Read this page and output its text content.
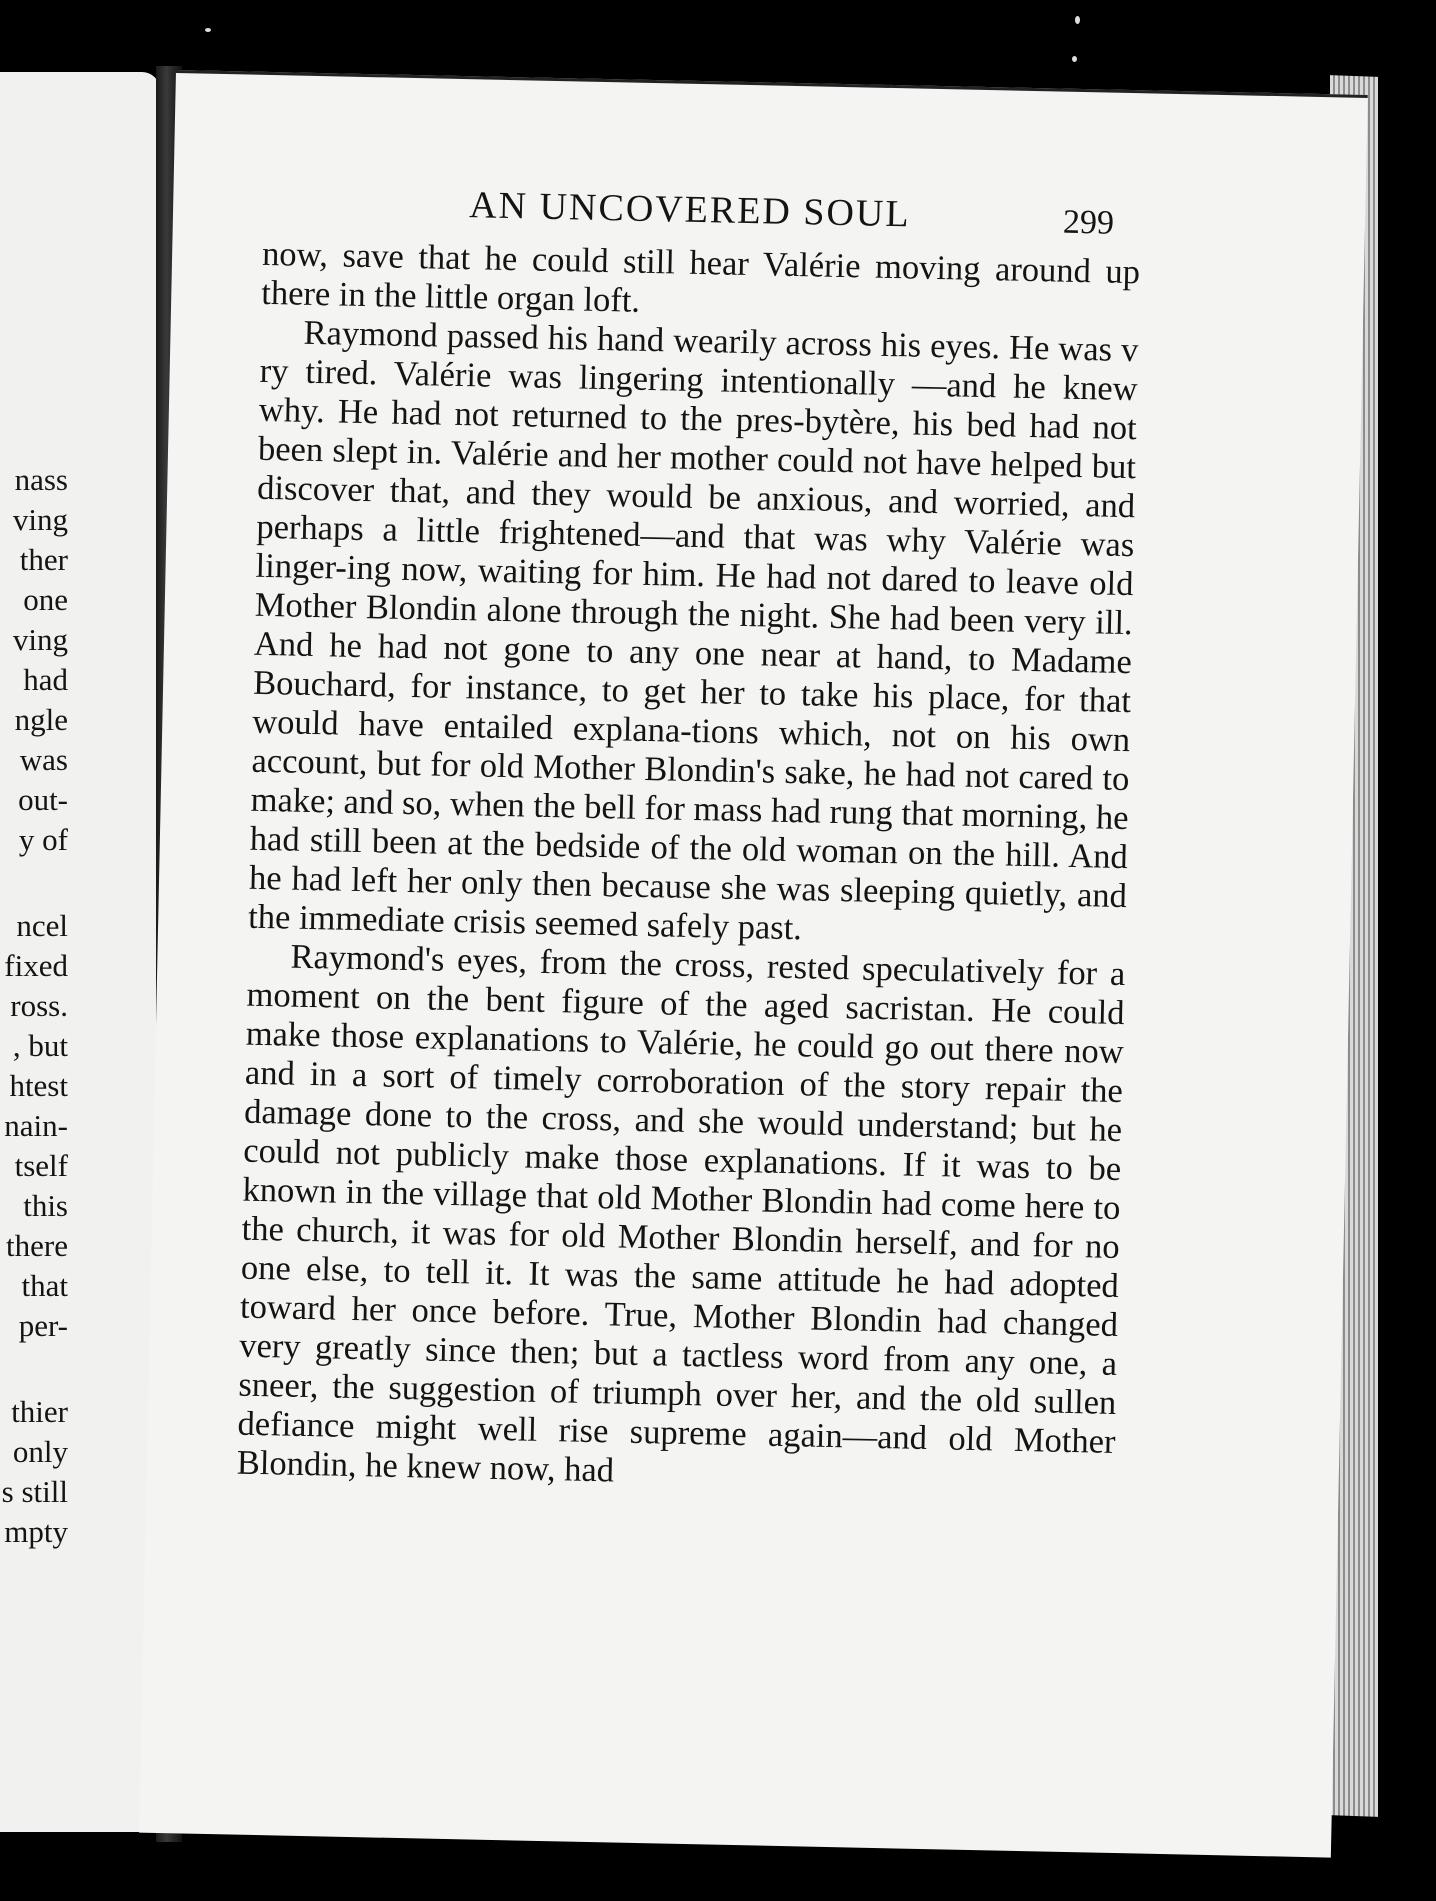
nass
ving
ther
one
ving
had
ngle
was
out-
y of
ncel
fixed
ross.
, but
htest
nain-
tself
this
there
that
per-
thier
only
s still
mpty
AN UNCOVERED SOUL	299

now, save that he could still hear Valérie moving around up there in the little organ loft.

Raymond passed his hand wearily across his eyes. He was v ry tired. Valérie was lingering intentionally —and he knew why. He had not returned to the pres-bytère, his bed had not been slept in. Valérie and her mother could not have helped but discover that, and they would be anxious, and worried, and perhaps a little frightened—and that was why Valérie was linger-ing now, waiting for him. He had not dared to leave old Mother Blondin alone through the night. She had been very ill. And he had not gone to any one near at hand, to Madame Bouchard, for instance, to get her to take his place, for that would have entailed explana-tions which, not on his own account, but for old Mother Blondin's sake, he had not cared to make; and so, when the bell for mass had rung that morning, he had still been at the bedside of the old woman on the hill. And he had left her only then because she was sleeping quietly, and the immediate crisis seemed safely past.

Raymond's eyes, from the cross, rested speculatively for a moment on the bent figure of the aged sacristan. He could make those explanations to Valérie, he could go out there now and in a sort of timely corroboration of the story repair the damage done to the cross, and she would understand; but he could not publicly make those explanations. If it was to be known in the village that old Mother Blondin had come here to the church, it was for old Mother Blondin herself, and for no one else, to tell it. It was the same attitude he had adopted toward her once before. True, Mother Blondin had changed very greatly since then; but a tactless word from any one, a sneer, the suggestion of triumph over her, and the old sullen defiance might well rise supreme again—and old Mother Blondin, he knew now, had
